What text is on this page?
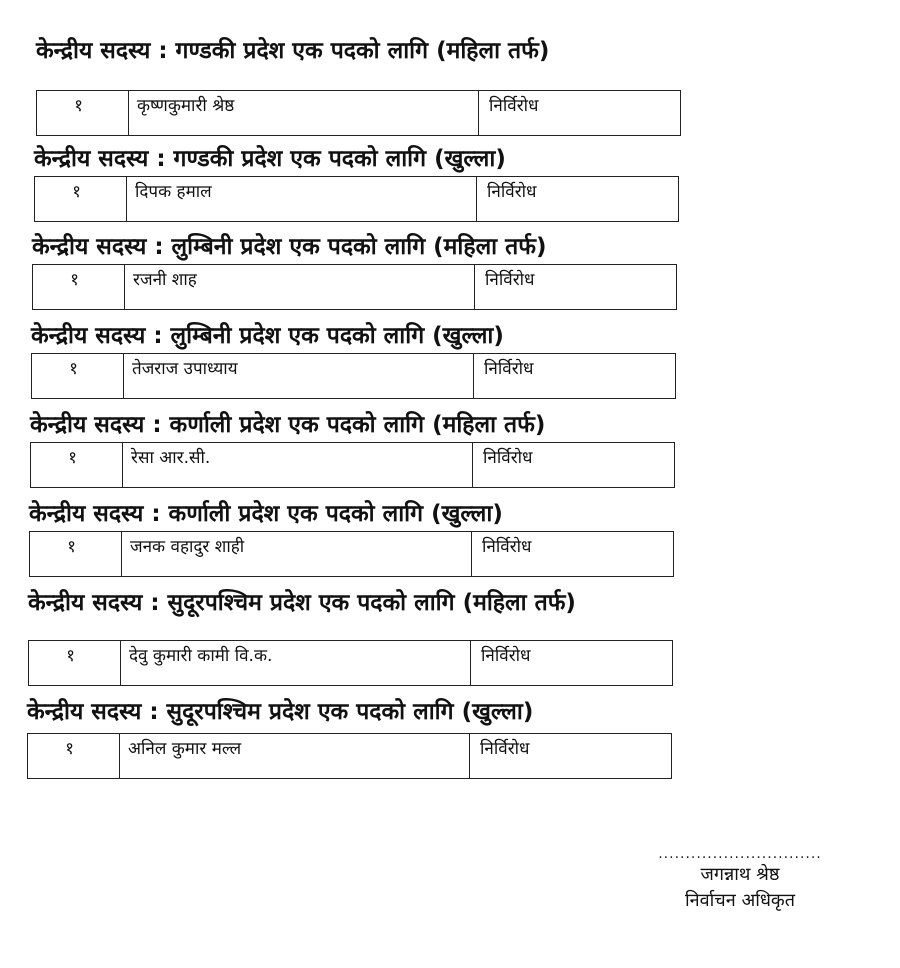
केन्द्रीय सदस्य : गण्डकी प्रदेश एक पदको लागि (महिला तर्फ)
१	कृष्णकुमारी श्रेष्ठ	निर्विरोध
केन्द्रीय सदस्य : गण्डकी प्रदेश एक पदको लागि (खुल्ला)
१	दिपक हमाल	निर्विरोध
केन्द्रीय सदस्य : लुम्बिनी प्रदेश एक पदको लागि (महिला तर्फ)
१	रजनी शाह	निर्विरोध
केन्द्रीय सदस्य : लुम्बिनी प्रदेश एक पदको लागि (खुल्ला)
१	तेजराज उपाध्याय	निर्विरोध
केन्द्रीय सदस्य : कर्णाली प्रदेश एक पदको लागि (महिला तर्फ)
१	रेसा आर.सी.	निर्विरोध
केन्द्रीय सदस्य : कर्णाली प्रदेश एक पदको लागि (खुल्ला)
१	जनक वहादुर शाही	निर्विरोध
केन्द्रीय सदस्य : सुदूरपश्चिम प्रदेश एक पदको लागि (महिला तर्फ)
१	देवु कुमारी कामी वि.क.	निर्विरोध
केन्द्रीय सदस्य : सुदूरपश्चिम प्रदेश एक पदको लागि (खुल्ला)
१	अनिल कुमार मल्ल	निर्विरोध
..............................
जगन्नाथ श्रेष्ठ
निर्वाचन अधिकृत
